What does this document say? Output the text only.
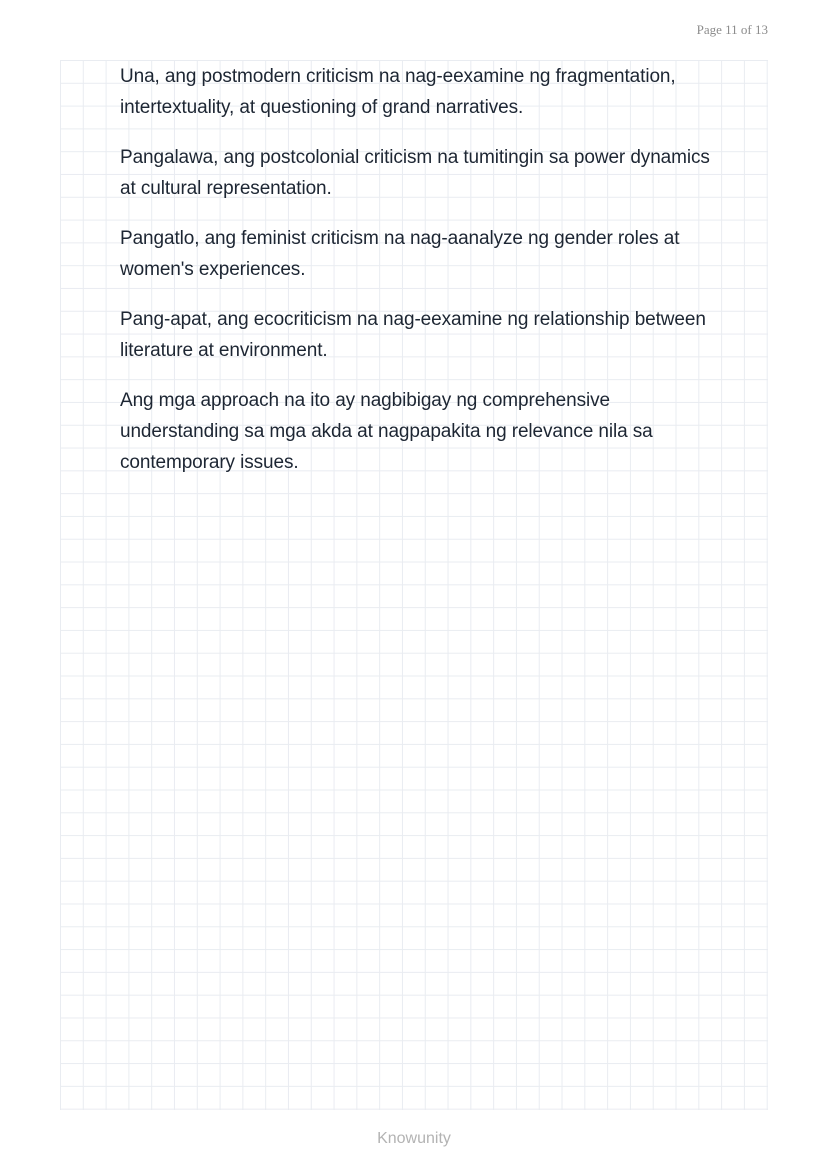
Page 11 of 13

Una, ang postmodern criticism na nag-eexamine ng fragmentation, intertextuality, at questioning of grand narratives.

Pangalawa, ang postcolonial criticism na tumitingin sa power dynamics at cultural representation.

Pangatlo, ang feminist criticism na nag-aanalyze ng gender roles at women's experiences.

Pang-apat, ang ecocriticism na nag-eexamine ng relationship between literature at environment.

Ang mga approach na ito ay nagbibigay ng comprehensive understanding sa mga akda at nagpapakita ng relevance nila sa contemporary issues.

Knowunity
